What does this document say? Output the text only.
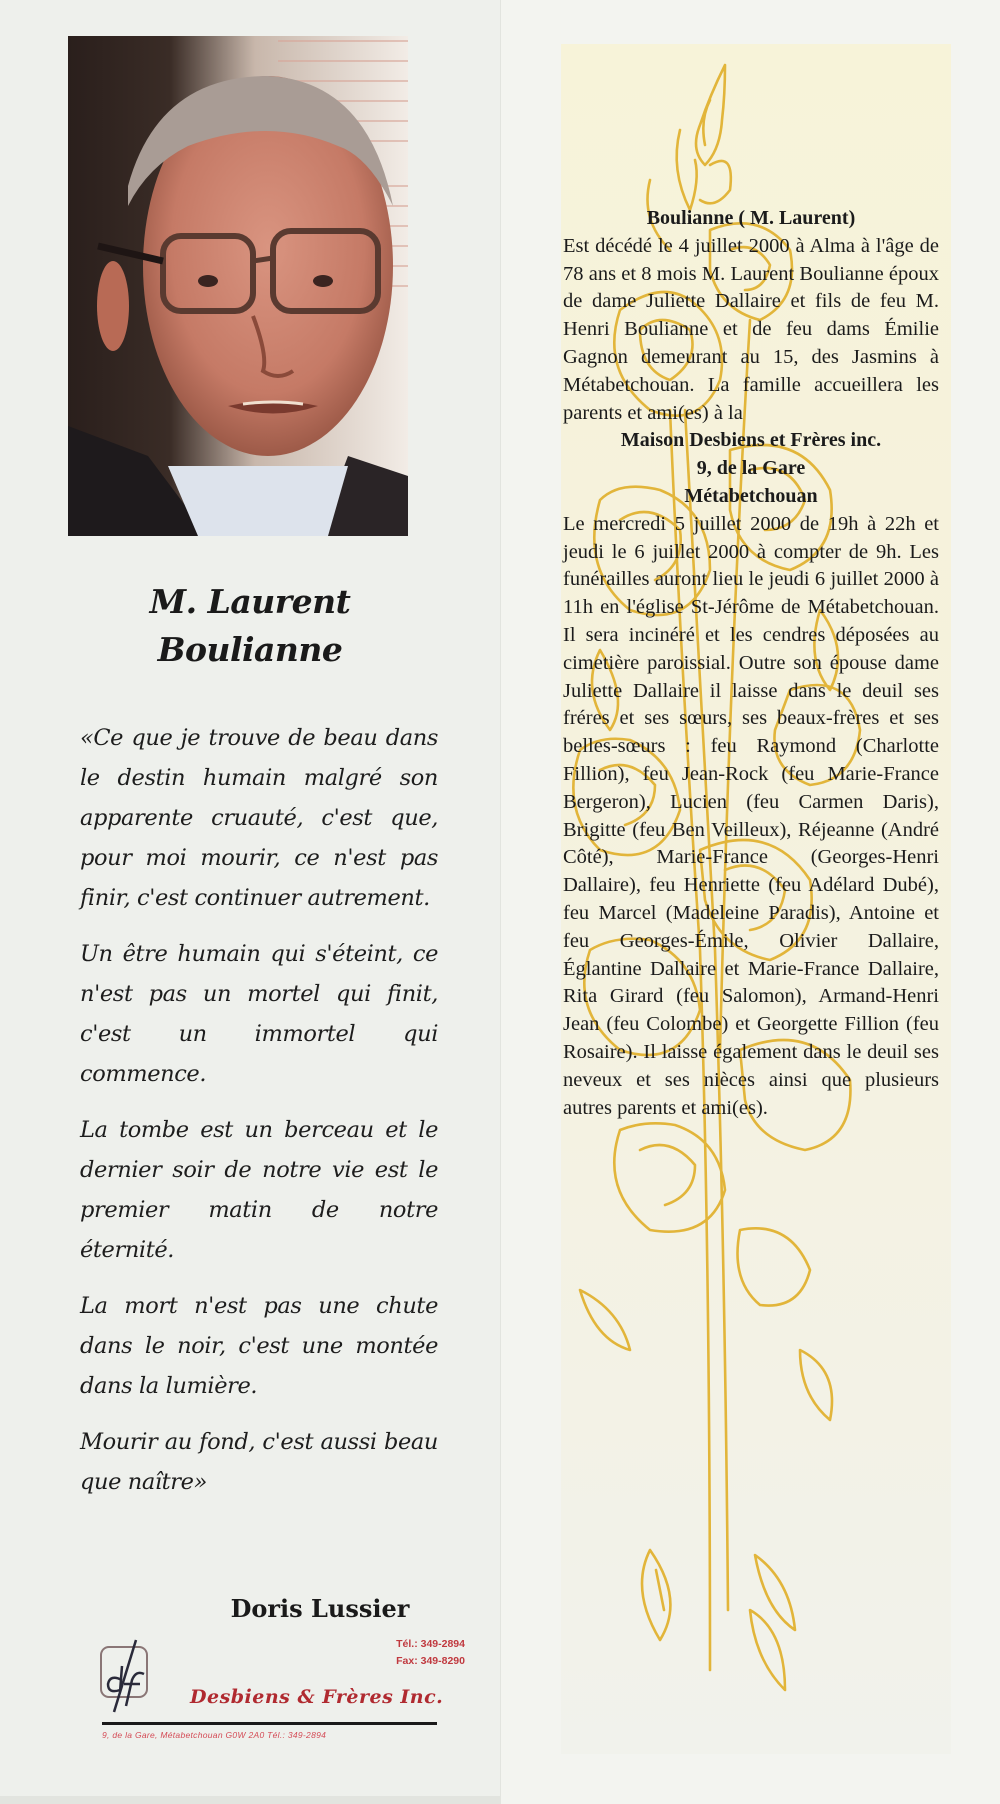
M. Laurent
Boulianne

«Ce que je trouve de beau dans le destin humain malgré son apparente cruauté, c'est que, pour moi mourir, ce n'est pas finir, c'est continuer autrement.

Un être humain qui s'éteint, ce n'est pas un mortel qui finit, c'est un immortel qui commence.

La tombe est un berceau et le dernier soir de notre vie est le premier matin de notre éternité.

La mort n'est pas une chute dans le noir, c'est une montée dans la lumière.

Mourir au fond, c'est aussi beau que naître»

Doris Lussier
Tél.: 349-2894
Fax: 349-8290
Desbiens & Frères Inc.
9, de la Gare, Métabetchouan G0W 2A0 Tél.: 349-2894
Boulianne ( M. Laurent)
Est décédé le 4 juillet 2000 à Alma à l'âge de 78 ans et 8 mois M. Laurent Boulianne époux de dame Juliette Dallaire et fils de feu M. Henri Boulianne et de feu dams Émilie Gagnon demeurant au 15, des Jasmins à Métabetchouan. La famille accueillera les parents et ami(es) à la
Maison Desbiens et Frères inc.
9, de la Gare
Métabetchouan
Le mercredi 5 juillet 2000 de 19h à 22h et jeudi le 6 juillet 2000 à compter de 9h. Les funérailles auront lieu le jeudi 6 juillet 2000 à 11h en l'église St-Jérôme de Métabetchouan. Il sera incinéré et les cendres déposées au cimetière paroissial. Outre son épouse dame Juliette Dallaire il laisse dans le deuil ses fréres et ses sœurs, ses beaux-frères et ses belles-sœurs : feu Raymond (Charlotte Fillion), feu Jean-Rock (feu Marie-France Bergeron), Lucien (feu Carmen Daris), Brigitte (feu Ben Veilleux), Réjeanne (André Côté), Marie-France (Georges-Henri Dallaire), feu Henriette (feu Adélard Dubé), feu Marcel (Madeleine Paradis), Antoine et feu Georges-Émile, Olivier Dallaire, Églantine Dallaire et Marie-France Dallaire, Rita Girard (feu Salomon), Armand-Henri Jean (feu Colombe) et Georgette Fillion (feu Rosaire). Il laisse également dans le deuil ses neveux et ses nièces ainsi que plusieurs autres parents et ami(es).
